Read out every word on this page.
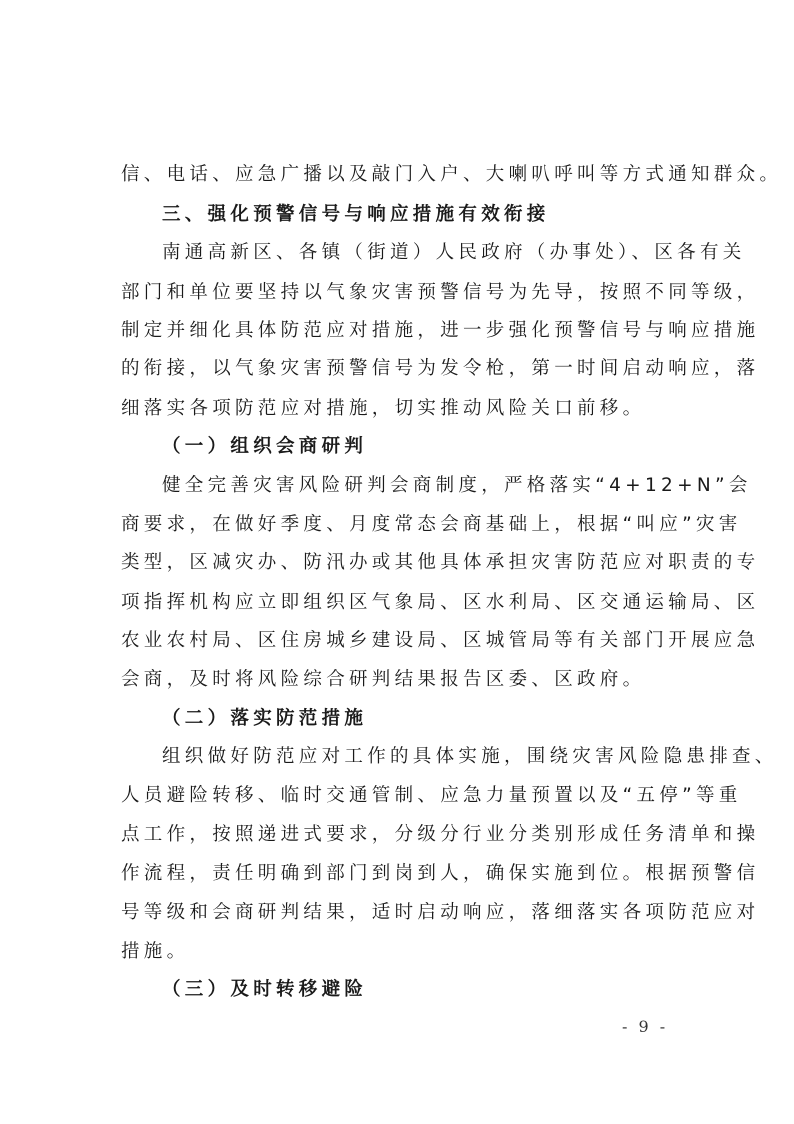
信、电话、应急广播以及敲门入户、大喇叭呼叫等方式通知群众。
三、强化预警信号与响应措施有效衔接
南通高新区、各镇（街道）人民政府（办事处）、区各有关
部门和单位要坚持以气象灾害预警信号为先导，按照不同等级，
制定并细化具体防范应对措施，进一步强化预警信号与响应措施
的衔接，以气象灾害预警信号为发令枪，第一时间启动响应，落
细落实各项防范应对措施，切实推动风险关口前移。
（一）组织会商研判
健全完善灾害风险研判会商制度，严格落实“4+12+N”会
商要求，在做好季度、月度常态会商基础上，根据“叫应”灾害
类型，区减灾办、防汛办或其他具体承担灾害防范应对职责的专
项指挥机构应立即组织区气象局、区水利局、区交通运输局、区
农业农村局、区住房城乡建设局、区城管局等有关部门开展应急
会商，及时将风险综合研判结果报告区委、区政府。
（二）落实防范措施
组织做好防范应对工作的具体实施，围绕灾害风险隐患排查、
人员避险转移、临时交通管制、应急力量预置以及“五停”等重
点工作，按照递进式要求，分级分行业分类别形成任务清单和操
作流程，责任明确到部门到岗到人，确保实施到位。根据预警信
号等级和会商研判结果，适时启动响应，落细落实各项防范应对
措施。
（三）及时转移避险
- 9 -
